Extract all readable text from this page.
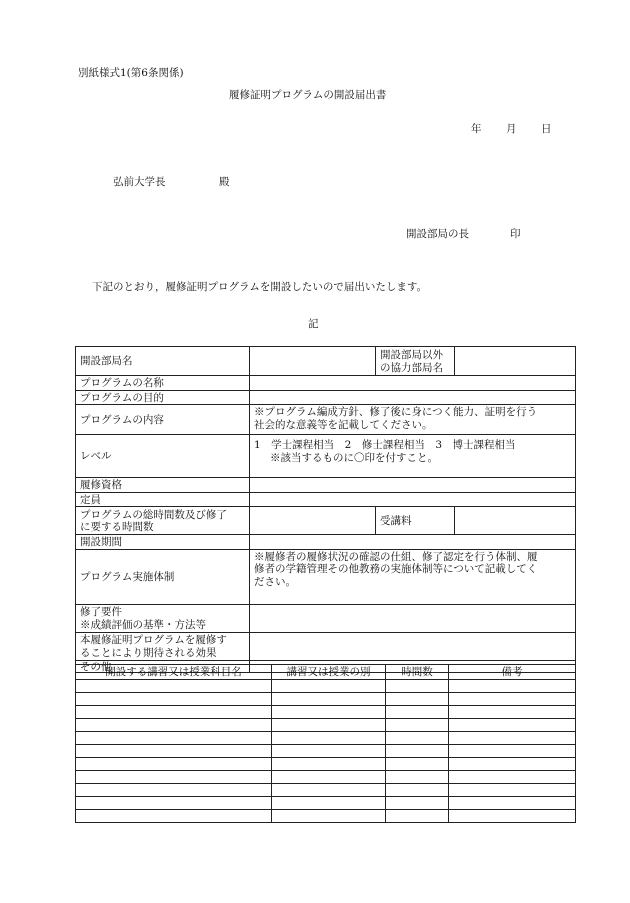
別紙様式1(第6条関係)
履修証明プログラムの開設届出書
年 月 日
弘前大学長	殿
開設部局の長	印
下記のとおり，履修証明プログラムを開設したいので届出いたします。
記
開設部局名		開設部局以外
の協力部局名	
プログラムの名称			
プログラムの目的			
プログラムの内容	※プログラム編成方針、修了後に身につく能力、証明を行う
社会的な意義等を記載してください。		
レベル	1　学士課程相当　2　修士課程相当　3　博士課程相当
※該当するものに〇印を付すこと。		

履修資格			
定員			
プログラムの総時間数及び修了
に要する時間数		受講料	
開設期間			
プログラム実施体制	※履修者の履修状況の確認の仕組、修了認定を行う体制、履
修者の学籍管理その他教務の実施体制等について記載してく
ださい。		
修了要件
※成績評価の基準・方法等			
本履修証明プログラムを履修す
ることにより期待される効果			
その他			
開設する講習又は授業科目名	講習又は授業の別	時間数	備考
